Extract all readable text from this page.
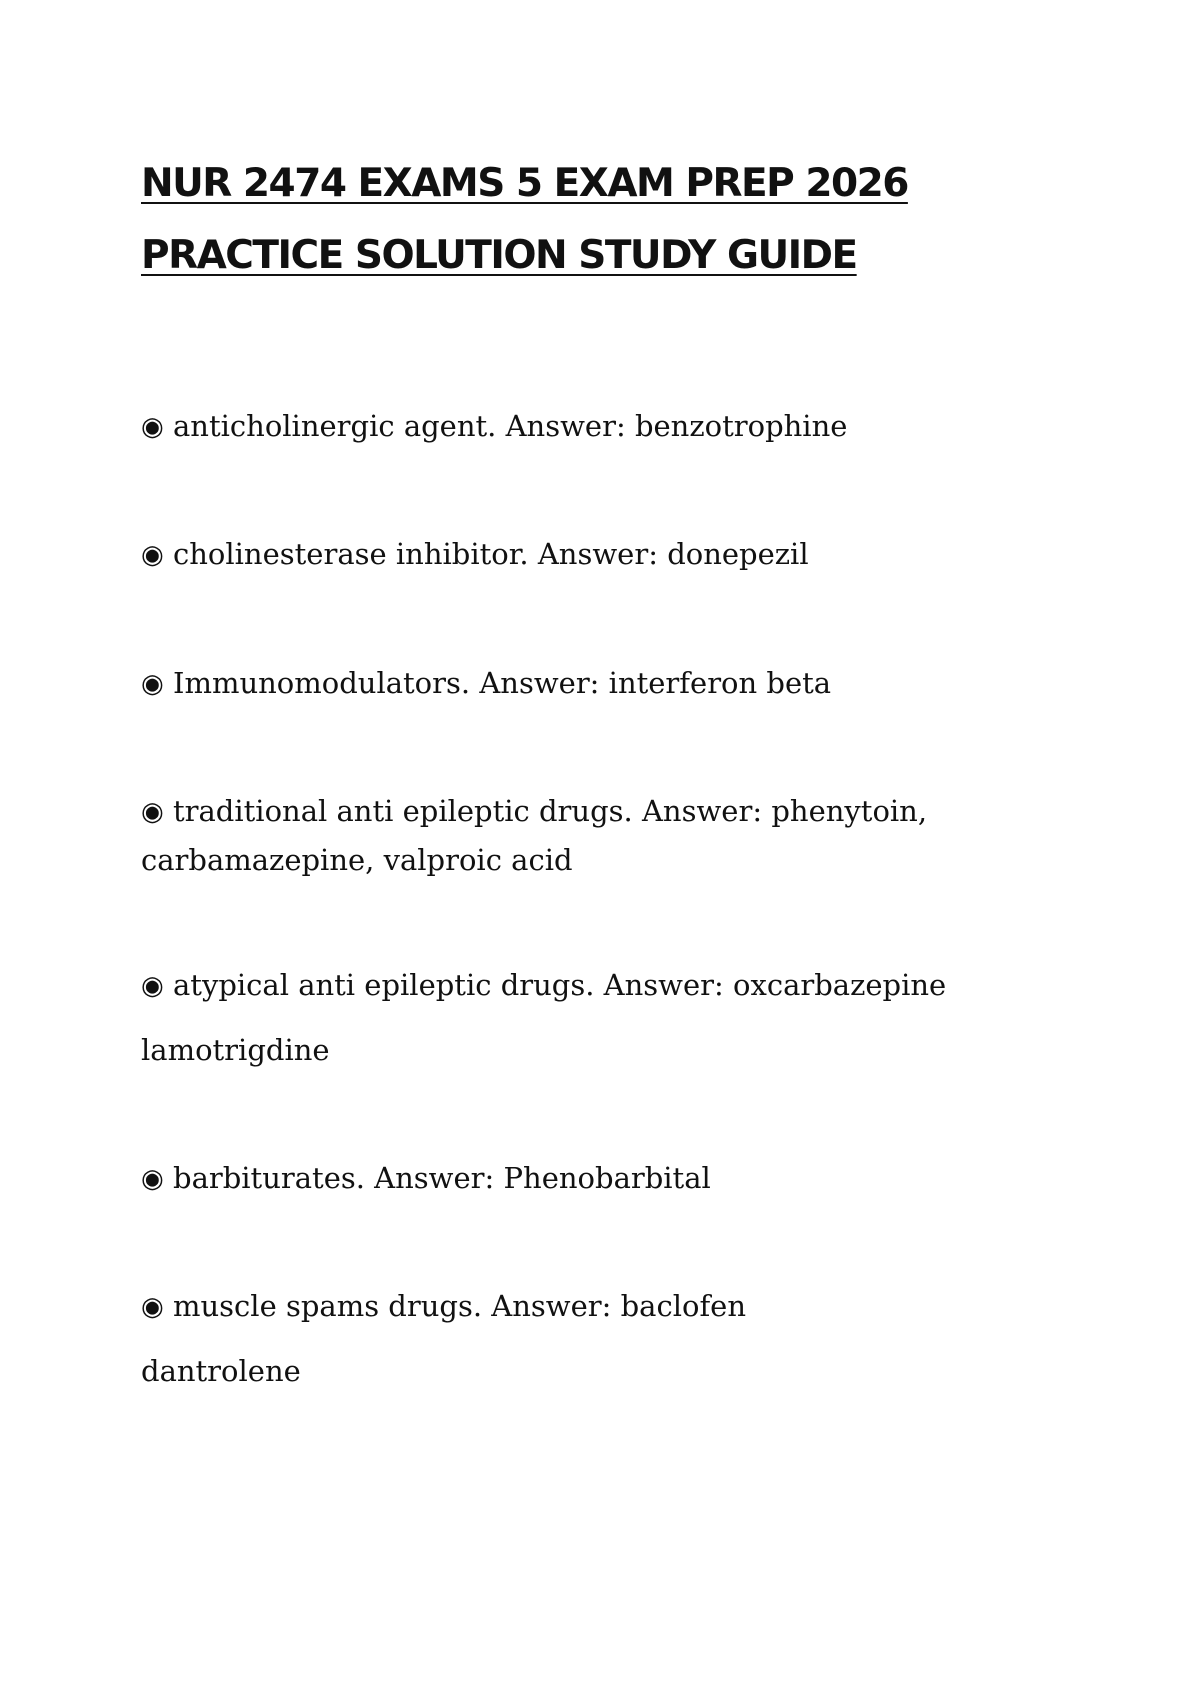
NUR 2474 EXAMS 5 EXAM PREP 2026
PRACTICE SOLUTION STUDY GUIDE
◉ anticholinergic agent. Answer: benzotrophine
◉ cholinesterase inhibitor. Answer: donepezil
◉ Immunomodulators. Answer: interferon beta
◉ traditional anti epileptic drugs. Answer: phenytoin,
carbamazepine, valproic acid
◉ atypical anti epileptic drugs. Answer: oxcarbazepine
lamotrigdine
◉ barbiturates. Answer: Phenobarbital
◉ muscle spams drugs. Answer: baclofen
dantrolene
